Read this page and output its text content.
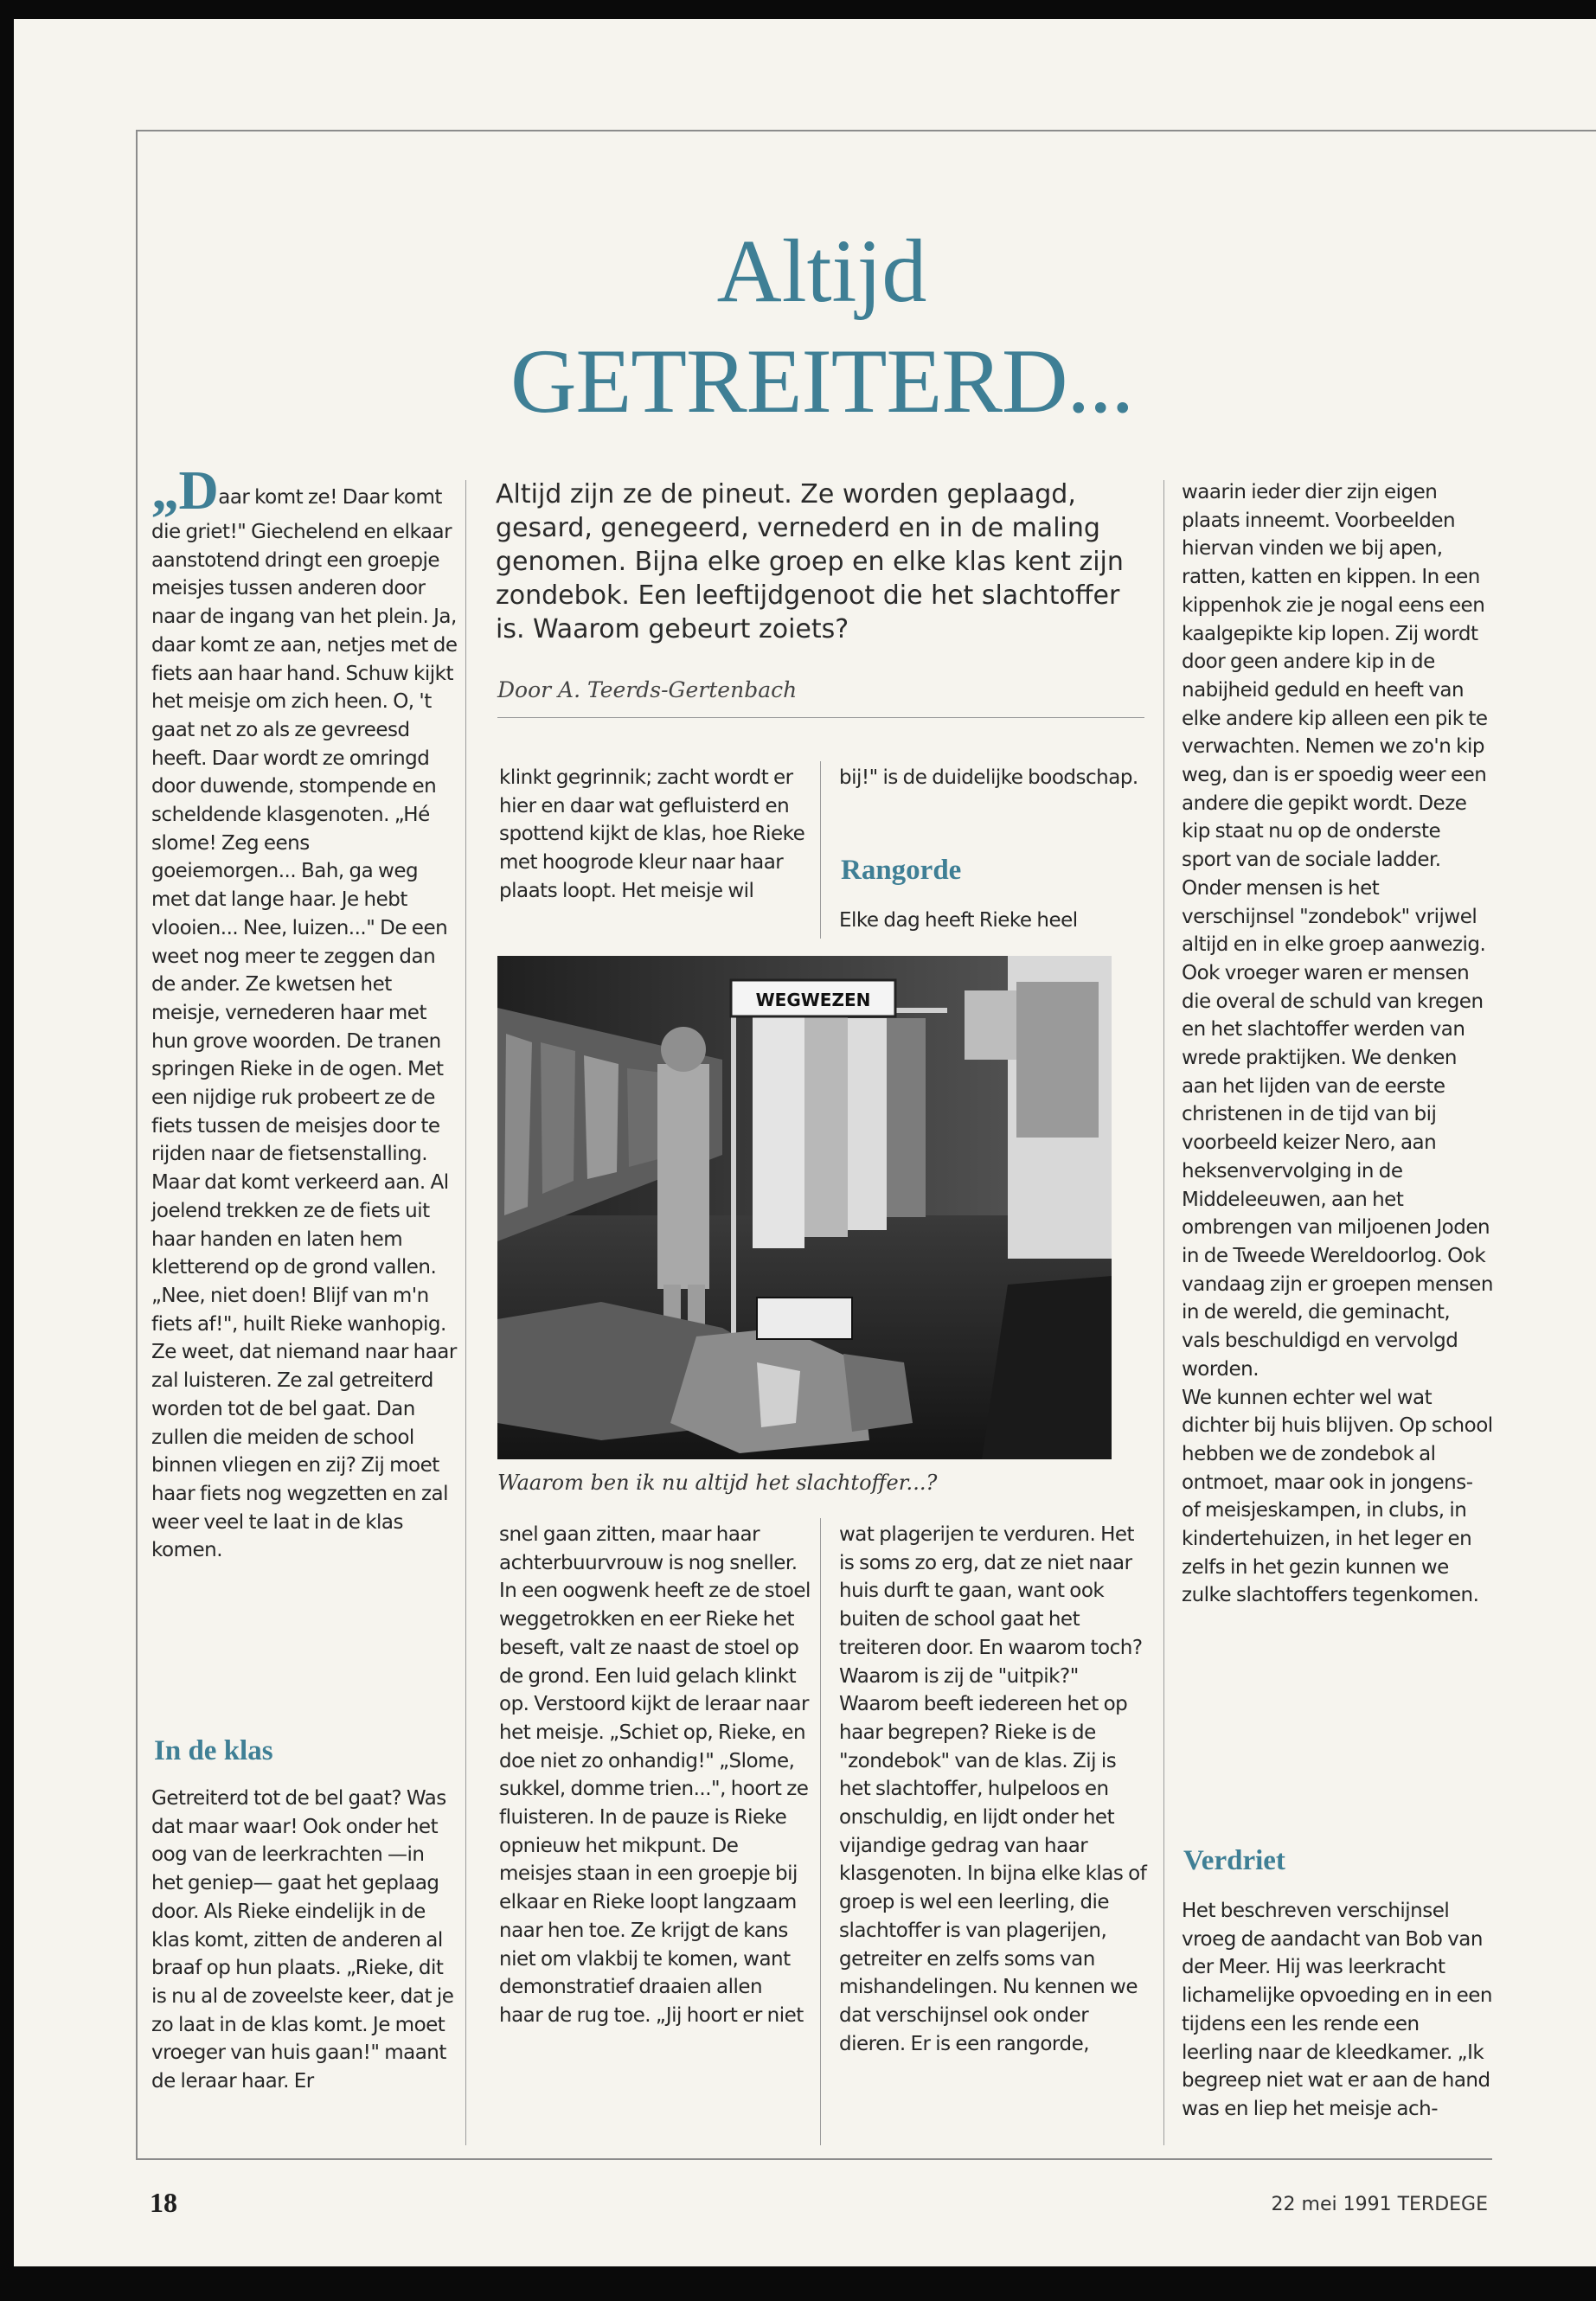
Altijd
GETREITERD...

Altijd zijn ze de pineut. Ze worden geplaagd, gesard, genegeerd, vernederd en in de maling genomen. Bijna elke groep en elke klas kent zijn zondebok. Een leeftijdgenoot die het slachtoffer is. Waarom gebeurt zoiets?

Door A. Teerds-Gertenbach

„Daar komt ze! Daar komt die griet!" Giechelend en elkaar aanstotend dringt een groepje meisjes tussen anderen door naar de ingang van het plein. Ja, daar komt ze aan, netjes met de fiets aan haar hand. Schuw kijkt het meisje om zich heen. O, 't gaat net zo als ze gevreesd heeft. Daar wordt ze omringd door duwende, stompende en scheldende klasgenoten. „Hé slome! Zeg eens goeiemorgen... Bah, ga weg met dat lange haar. Je hebt vlooien... Nee, luizen..." De een weet nog meer te zeggen dan de ander. Ze kwetsen het meisje, vernederen haar met hun grove woorden. De tranen springen Rieke in de ogen. Met een nijdige ruk probeert ze de fiets tussen de meisjes door te rijden naar de fietsenstalling. Maar dat komt verkeerd aan. Al joelend trekken ze de fiets uit haar handen en laten hem kletterend op de grond vallen. „Nee, niet doen! Blijf van m'n fiets af!", huilt Rieke wanhopig. Ze weet, dat niemand naar haar zal luisteren. Ze zal getreiterd worden tot de bel gaat. Dan zullen die meiden de school binnen vliegen en zij? Zij moet haar fiets nog wegzetten en zal weer veel te laat in de klas komen.

In de klas

Getreiterd tot de bel gaat? Was dat maar waar! Ook onder het oog van de leerkrachten —in het geniep— gaat het geplaag door. Als Rieke eindelijk in de klas komt, zitten de anderen al braaf op hun plaats. „Rieke, dit is nu al de zoveelste keer, dat je zo laat in de klas komt. Je moet vroeger van huis gaan!" maant de leraar haar. Er

klinkt gegrinnik; zacht wordt er hier en daar wat gefluisterd en spottend kijkt de klas, hoe Rieke met hoogrode kleur naar haar plaats loopt. Het meisje wil

bij!" is de duidelijke boodschap.

Rangorde

Elke dag heeft Rieke heel

WEGWEZEN

Waarom ben ik nu altijd het slachtoffer...?

snel gaan zitten, maar haar achterbuurvrouw is nog sneller. In een oogwenk heeft ze de stoel weggetrokken en eer Rieke het beseft, valt ze naast de stoel op de grond. Een luid gelach klinkt op. Verstoord kijkt de leraar naar het meisje. „Schiet op, Rieke, en doe niet zo onhandig!" „Slome, sukkel, domme trien...", hoort ze fluisteren. In de pauze is Rieke opnieuw het mikpunt. De meisjes staan in een groepje bij elkaar en Rieke loopt langzaam naar hen toe. Ze krijgt de kans niet om vlakbij te komen, want demonstratief draaien allen haar de rug toe. „Jij hoort er niet

wat plagerijen te verduren. Het is soms zo erg, dat ze niet naar huis durft te gaan, want ook buiten de school gaat het treiteren door. En waarom toch? Waarom is zij de "uitpik?" Waarom beeft iedereen het op haar begrepen? Rieke is de "zondebok" van de klas. Zij is het slachtoffer, hulpeloos en onschuldig, en lijdt onder het vijandige gedrag van haar klasgenoten. In bijna elke klas of groep is wel een leerling, die slachtoffer is van plagerijen, getreiter en zelfs soms van mishandelingen. Nu kennen we dat verschijnsel ook onder dieren. Er is een rangorde,

waarin ieder dier zijn eigen plaats inneemt. Voorbeelden hiervan vinden we bij apen, ratten, katten en kippen. In een kippenhok zie je nogal eens een kaalgepikte kip lopen. Zij wordt door geen andere kip in de nabijheid geduld en heeft van elke andere kip alleen een pik te verwachten. Nemen we zo'n kip weg, dan is er spoedig weer een andere die gepikt wordt. Deze kip staat nu op de onderste sport van de sociale ladder. Onder mensen is het verschijnsel "zondebok" vrijwel altijd en in elke groep aanwezig. Ook vroeger waren er mensen die overal de schuld van kregen en het slachtoffer werden van wrede praktijken. We denken aan het lijden van de eerste christenen in de tijd van bij voorbeeld keizer Nero, aan heksenvervolging in de Middeleeuwen, aan het ombrengen van miljoenen Joden in de Tweede Wereldoorlog. Ook vandaag zijn er groepen mensen in de wereld, die geminacht, vals beschuldigd en vervolgd worden.

We kunnen echter wel wat dichter bij huis blijven. Op school hebben we de zondebok al ontmoet, maar ook in jongens- of meisjeskampen, in clubs, in kindertehuizen, in het leger en zelfs in het gezin kunnen we zulke slachtoffers tegenkomen.

Verdriet

Het beschreven verschijnsel vroeg de aandacht van Bob van der Meer. Hij was leerkracht lichamelijke opvoeding en in een tijdens een les rende een leerling naar de kleedkamer. „Ik begreep niet wat er aan de hand was en liep het meisje ach-

18	22 mei 1991 TERDEGE
